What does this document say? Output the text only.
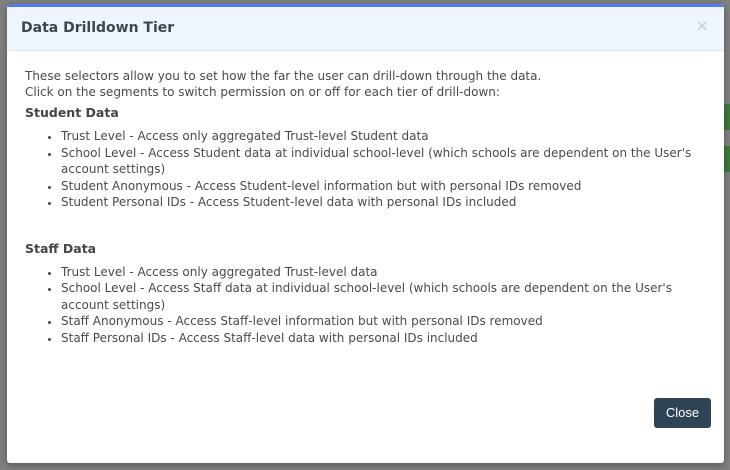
Data Drilldown Tier	×

These selectors allow you to set how the far the user can drill-down through the data.

Click on the segments to switch permission on or off for each tier of drill-down:

Student Data

• Trust Level - Access only aggregated Trust-level Student data
• School Level - Access Student data at individual school-level (which schools are dependent on the User's account settings)
• Student Anonymous - Access Student-level information but with personal IDs removed
• Student Personal IDs - Access Student-level data with personal IDs included

Staff Data

• Trust Level - Access only aggregated Trust-level data
• School Level - Access Staff data at individual school-level (which schools are dependent on the User's account settings)
• Staff Anonymous - Access Staff-level information but with personal IDs removed
• Staff Personal IDs - Access Staff-level data with personal IDs included
Close
